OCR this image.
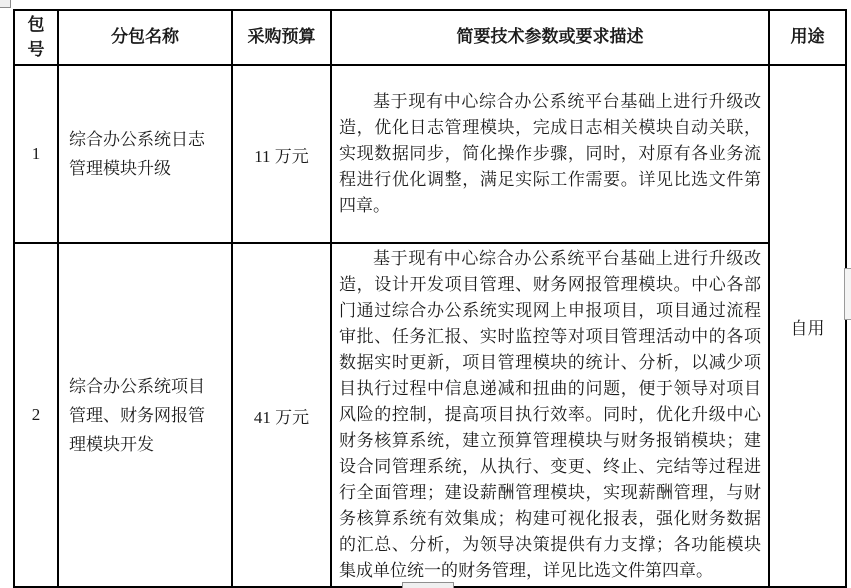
包号	分包名称	采购预算	简要技术参数或要求描述	用途
1	综合办公系统日志管理模块升级	11 万元	基于现有中心综合办公系统平台基础上进行升级改造，优化日志管理模块，完成日志相关模块自动关联，实现数据同步，简化操作步骤，同时，对原有各业务流程进行优化调整，满足实际工作需要。详见比选文件第四章。	自用
2	综合办公系统项目管理、财务网报管理模块开发	41 万元	基于现有中心综合办公系统平台基础上进行升级改造，设计开发项目管理、财务网报管理模块。中心各部门通过综合办公系统实现网上申报项目，项目通过流程审批、任务汇报、实时监控等对项目管理活动中的各项数据实时更新，项目管理模块的统计、分析，以减少项目执行过程中信息递减和扭曲的问题，便于领导对项目风险的控制，提高项目执行效率。同时，优化升级中心财务核算系统，建立预算管理模块与财务报销模块；建设合同管理系统，从执行、变更、终止、完结等过程进行全面管理；建设薪酬管理模块，实现薪酬管理，与财务核算系统有效集成；构建可视化报表，强化财务数据的汇总、分析，为领导决策提供有力支撑；各功能模块集成单位统一的财务管理，详见比选文件第四章。	
